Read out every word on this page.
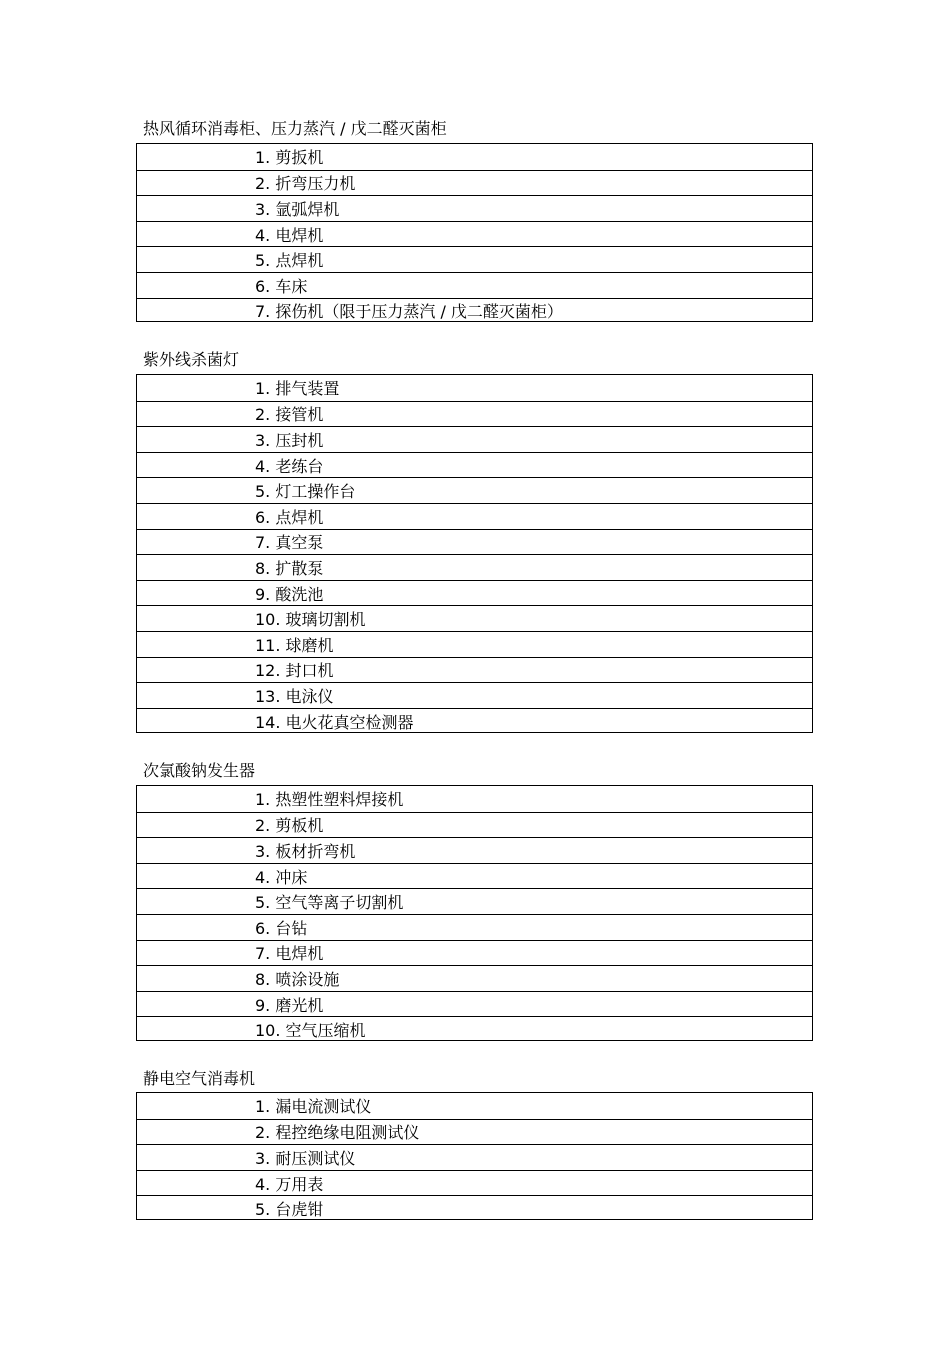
热风循环消毒柜、压力蒸汽 / 戊二醛灭菌柜
1. 剪扳机
2. 折弯压力机
3. 氩弧焊机
4. 电焊机
5. 点焊机
6. 车床
7. 探伤机（限于压力蒸汽 / 戊二醛灭菌柜）
紫外线杀菌灯
1. 排气装置
2. 接管机
3. 压封机
4. 老练台
5. 灯工操作台
6. 点焊机
7. 真空泵
8. 扩散泵
9. 酸洗池
10. 玻璃切割机
11. 球磨机
12. 封口机
13. 电泳仪
14. 电火花真空检测器
次氯酸钠发生器
1. 热塑性塑料焊接机
2. 剪板机
3. 板材折弯机
4. 冲床
5. 空气等离子切割机
6. 台钻
7. 电焊机
8. 喷涂设施
9. 磨光机
10. 空气压缩机
静电空气消毒机
1. 漏电流测试仪
2. 程控绝缘电阻测试仪
3. 耐压测试仪
4. 万用表
5. 台虎钳
